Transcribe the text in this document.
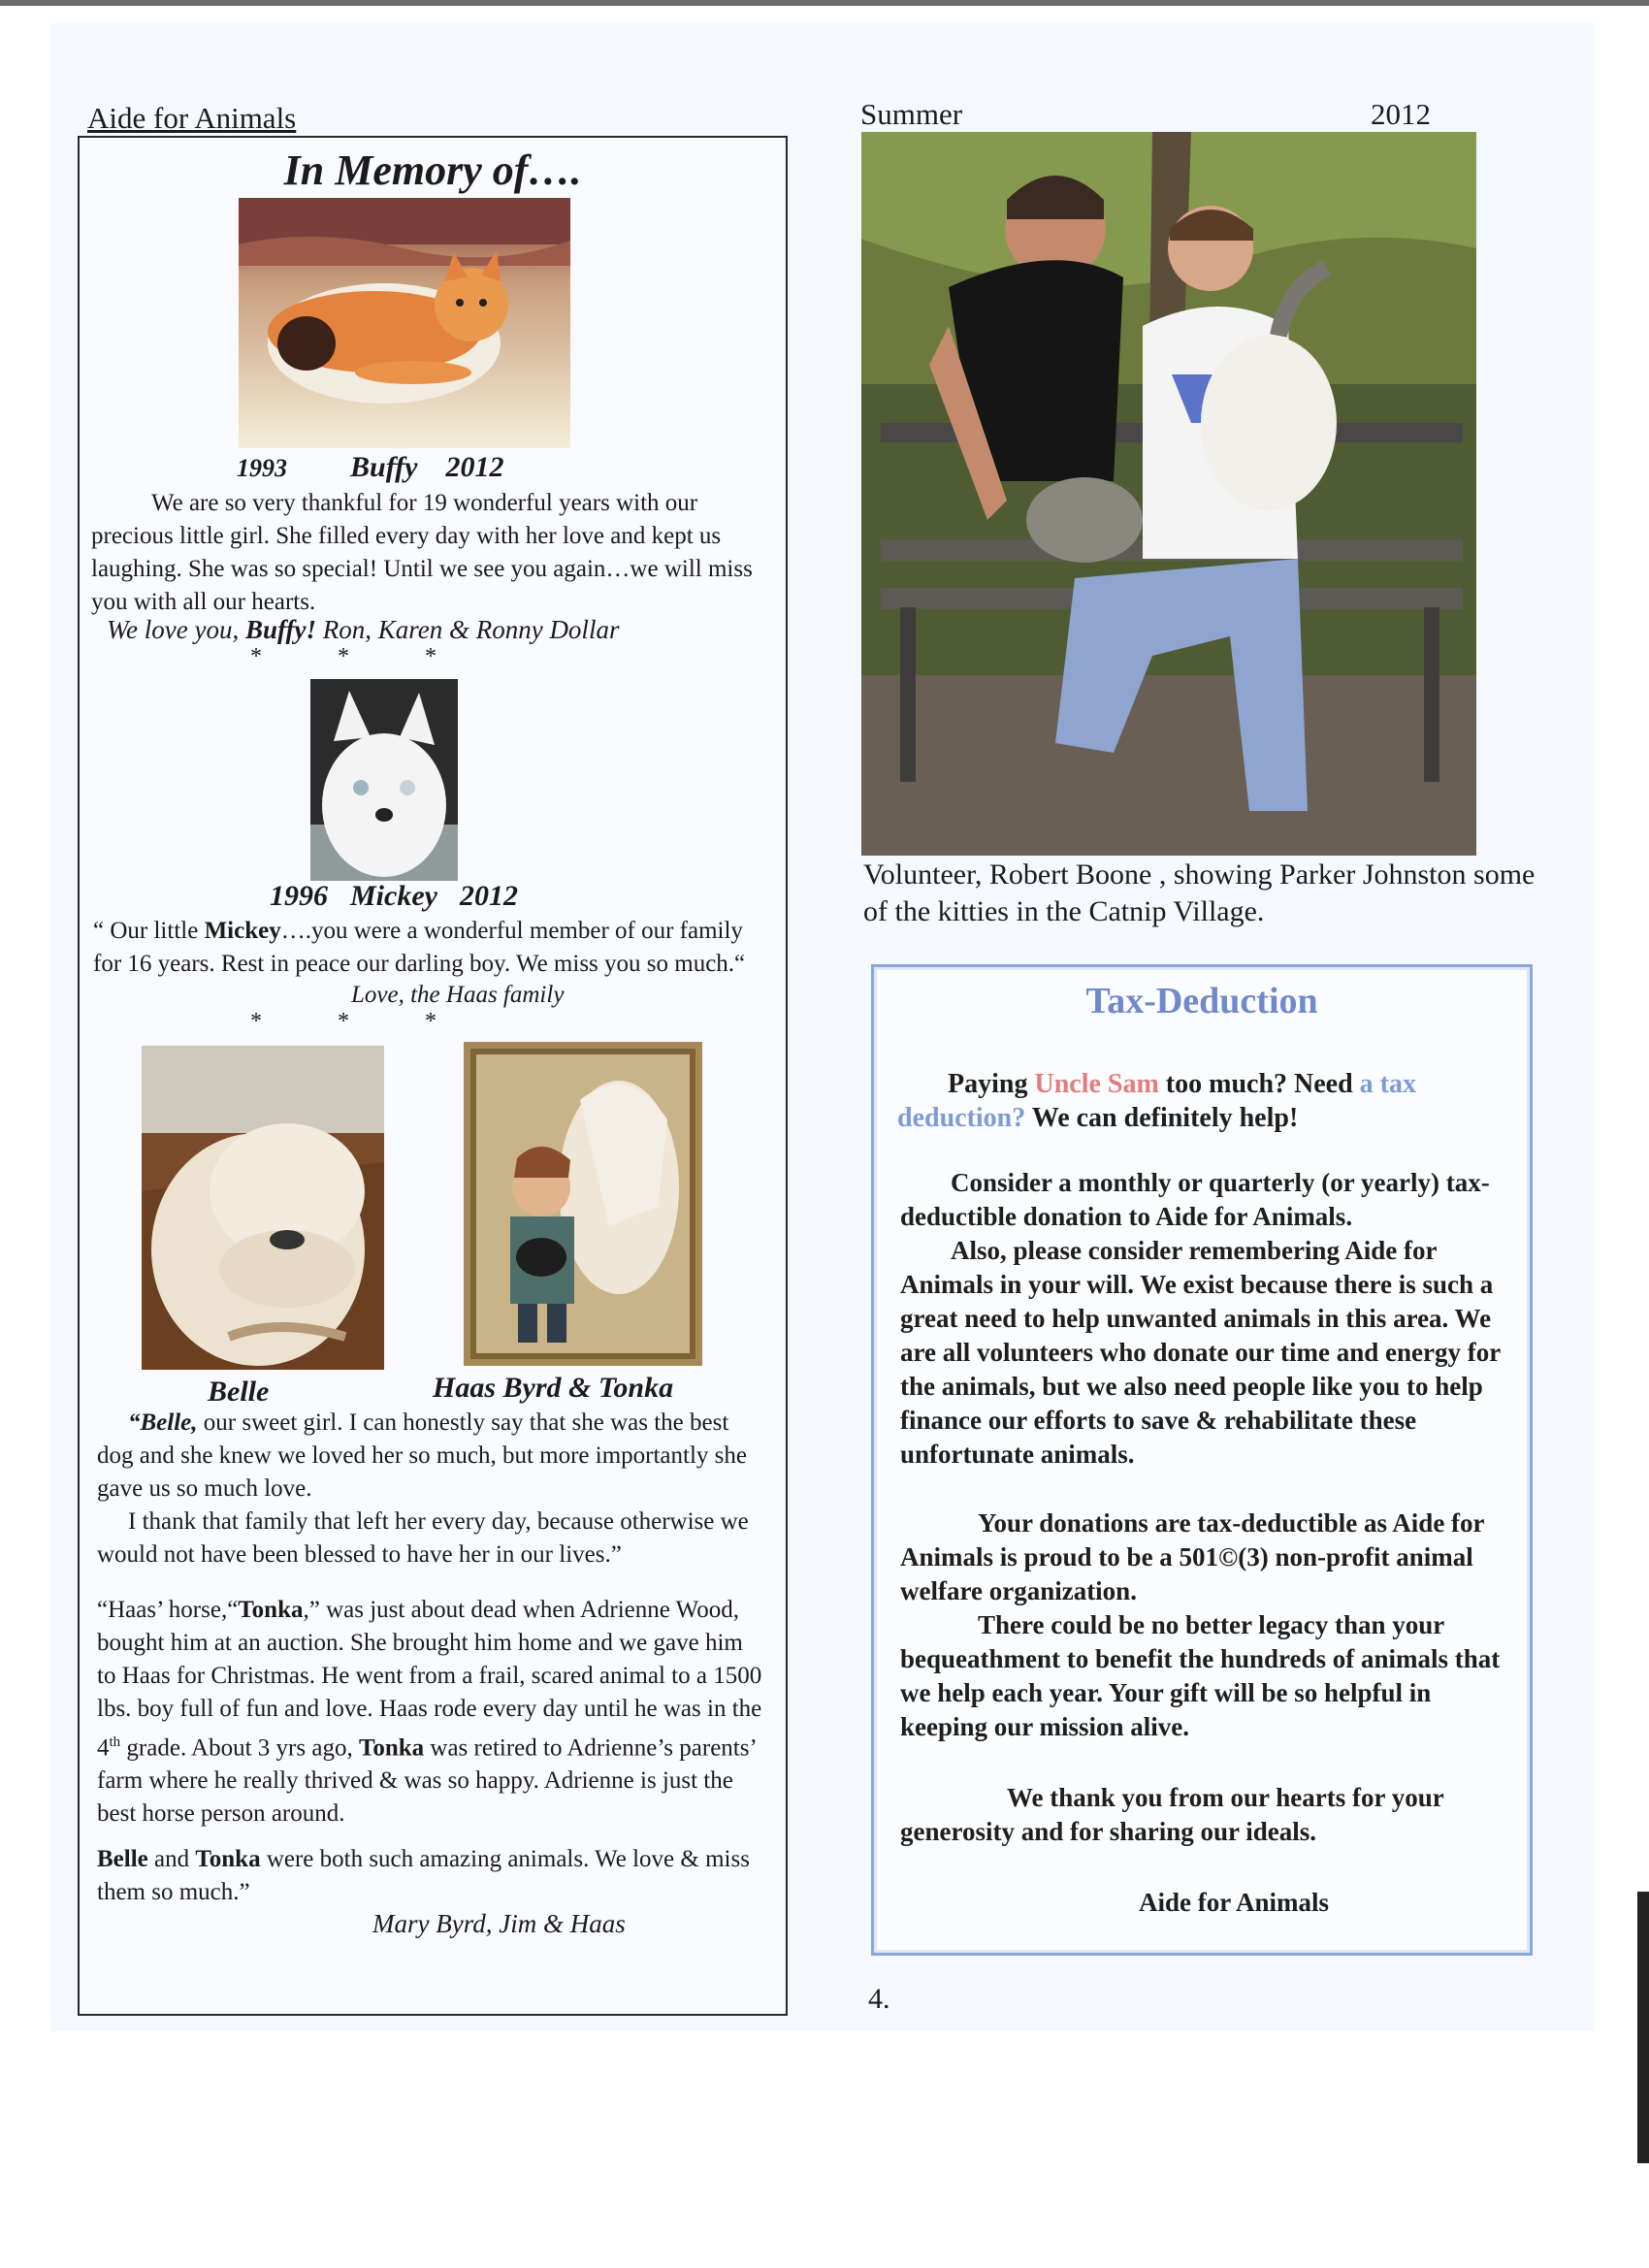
Aide for Animals	Summer	2012
In Memory of….
1993 Buffy 2012
We are so very thankful for 19 wonderful years with our precious little girl. She filled every day with her love and kept us laughing. She was so special! Until we see you again…we will miss you with all our hearts.
We love you, Buffy! Ron, Karen & Ronny Dollar
*             *             *
1996 Mickey 2012
“ Our little Mickey….you were a wonderful member of our family for 16 years. Rest in peace our darling boy. We miss you so much.“
Love, the Haas family
*             *             *
Belle	Haas Byrd & Tonka
“Belle, our sweet girl. I can honestly say that she was the best dog and she knew we loved her so much, but more importantly she gave us so much love.
I thank that family that left her every day, because otherwise we would not have been blessed to have her in our lives.”
“Haas’ horse,“Tonka,” was just about dead when Adrienne Wood, bought him at an auction. She brought him home and we gave him to Haas for Christmas. He went from a frail, scared animal to a 1500 lbs. boy full of fun and love. Haas rode every day until he was in the 4th grade. About 3 yrs ago, Tonka was retired to Adrienne’s parents’ farm where he really thrived & was so happy. Adrienne is just the best horse person around.
Belle and Tonka were both such amazing animals. We love & miss them so much.”
Mary Byrd, Jim & Haas
Volunteer, Robert Boone , showing Parker Johnston some of the kitties in the Catnip Village.
Tax-Deduction
Paying Uncle Sam too much? Need a tax deduction? We can definitely help!
Consider a monthly or quarterly (or yearly) tax-deductible donation to Aide for Animals.
Also, please consider remembering Aide for Animals in your will. We exist because there is such a great need to help unwanted animals in this area. We are all volunteers who donate our time and energy for the animals, but we also need people like you to help finance our efforts to save & rehabilitate these unfortunate animals.
Your donations are tax-deductible as Aide for Animals is proud to be a 501©(3) non-profit animal welfare organization.
There could be no better legacy than your bequeathment to benefit the hundreds of animals that we help each year. Your gift will be so helpful in keeping our mission alive.
We thank you from our hearts for your generosity and for sharing our ideals.
Aide for Animals
4.
